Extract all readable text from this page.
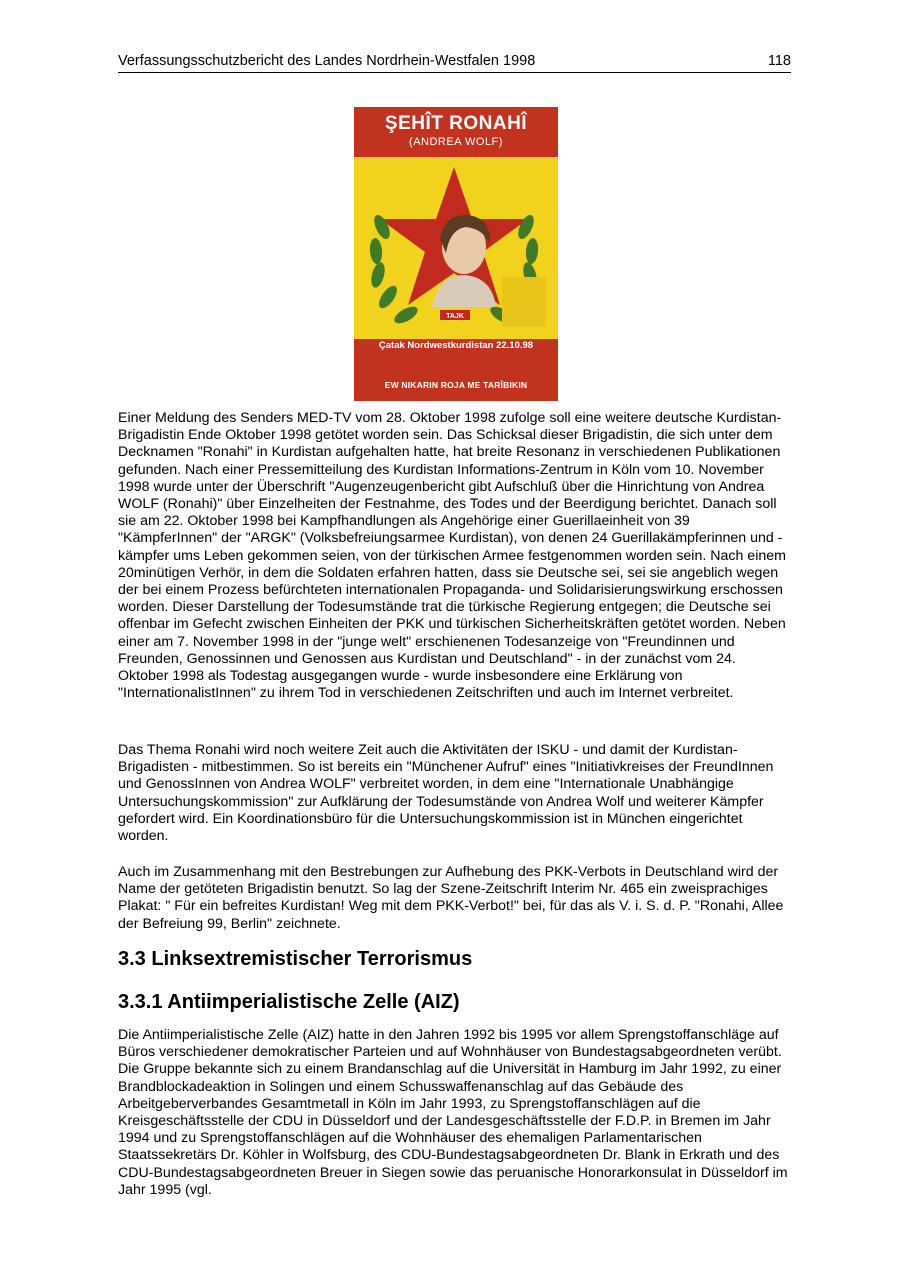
Verfassungsschutzbericht des Landes Nordrhein-Westfalen 1998	118
ŞEHÎT RONAHÎ
(ANDREA WOLF)
TAJK
Çatak Nordwestkurdistan 22.10.98
EW NIKARIN ROJA ME TARÎBIKIN

Einer Meldung des Senders MED-TV vom 28. Oktober 1998 zufolge soll eine weitere deutsche Kurdistan-Brigadistin Ende Oktober 1998 getötet worden sein. Das Schicksal dieser Brigadistin, die sich unter dem Decknamen "Ronahi" in Kurdistan aufgehalten hatte, hat breite Resonanz in verschiedenen Publikationen gefunden. Nach einer Pressemitteilung des Kurdistan Informations-Zentrum in Köln vom 10. November 1998 wurde unter der Überschrift "Augenzeugenbericht gibt Aufschluß über die Hinrichtung von Andrea WOLF (Ronahi)" über Einzelheiten der Festnahme, des Todes und der Beerdigung berichtet. Danach soll sie am 22. Oktober 1998 bei Kampfhandlungen als Angehörige einer Guerillaeinheit von 39 "KämpferInnen" der "ARGK" (Volksbefreiungsarmee Kurdistan), von denen 24 Guerillakämpferinnen und - kämpfer ums Leben gekommen seien, von der türkischen Armee festgenommen worden sein. Nach einem 20minütigen Verhör, in dem die Soldaten erfahren hatten, dass sie Deutsche sei, sei sie angeblich wegen der bei einem Prozess befürchteten internationalen Propaganda- und Solidarisierungswirkung erschossen worden. Dieser Darstellung der Todesumstände trat die türkische Regierung entgegen; die Deutsche sei offenbar im Gefecht zwischen Einheiten der PKK und türkischen Sicherheitskräften getötet worden. Neben einer am 7. November 1998 in der "junge welt" erschienenen Todesanzeige von "Freundinnen und Freunden, Genossinnen und Genossen aus Kurdistan und Deutschland" - in der zunächst vom 24. Oktober 1998 als Todestag ausgegangen wurde - wurde insbesondere eine Erklärung von "InternationalistInnen" zu ihrem Tod in verschiedenen Zeitschriften und auch im Internet verbreitet.

Das Thema Ronahi wird noch weitere Zeit auch die Aktivitäten der ISKU - und damit der Kurdistan-Brigadisten - mitbestimmen. So ist bereits ein "Münchener Aufruf" eines "Initiativkreises der FreundInnen und GenossInnen von Andrea WOLF" verbreitet worden, in dem eine "Internationale Unabhängige Untersuchungskommission" zur Aufklärung der Todesumstände von Andrea Wolf und weiterer Kämpfer gefordert wird. Ein Koordinationsbüro für die Untersuchungskommission ist in München eingerichtet worden.

Auch im Zusammenhang mit den Bestrebungen zur Aufhebung des PKK-Verbots in Deutschland wird der Name der getöteten Brigadistin benutzt. So lag der Szene-Zeitschrift Interim Nr. 465 ein zweisprachiges Plakat: " Für ein befreites Kurdistan! Weg mit dem PKK-Verbot!" bei, für das als V. i. S. d. P. "Ronahi, Allee der Befreiung 99, Berlin" zeichnete.

3.3 Linksextremistischer Terrorismus
3.3.1 Antiimperialistische Zelle (AIZ)

Die Antiimperialistische Zelle (AIZ) hatte in den Jahren 1992 bis 1995 vor allem Sprengstoffanschläge auf Büros verschiedener demokratischer Parteien und auf Wohnhäuser von Bundestagsabgeordneten verübt. Die Gruppe bekannte sich zu einem Brandanschlag auf die Universität in Hamburg im Jahr 1992, zu einer Brandblockadeaktion in Solingen und einem Schusswaffenanschlag auf das Gebäude des Arbeitgeberverbandes Gesamtmetall in Köln im Jahr 1993, zu Sprengstoffanschlägen auf die Kreisgeschäftsstelle der CDU in Düsseldorf und der Landesgeschäftsstelle der F.D.P. in Bremen im Jahr 1994 und zu Sprengstoffanschlägen auf die Wohnhäuser des ehemaligen Parlamentarischen Staatssekretärs Dr. Köhler in Wolfsburg, des CDU-Bundestagsabgeordneten Dr. Blank in Erkrath und des CDU-Bundestagsabgeordneten Breuer in Siegen sowie das peruanische Honorarkonsulat in Düsseldorf im Jahr 1995 (vgl.
